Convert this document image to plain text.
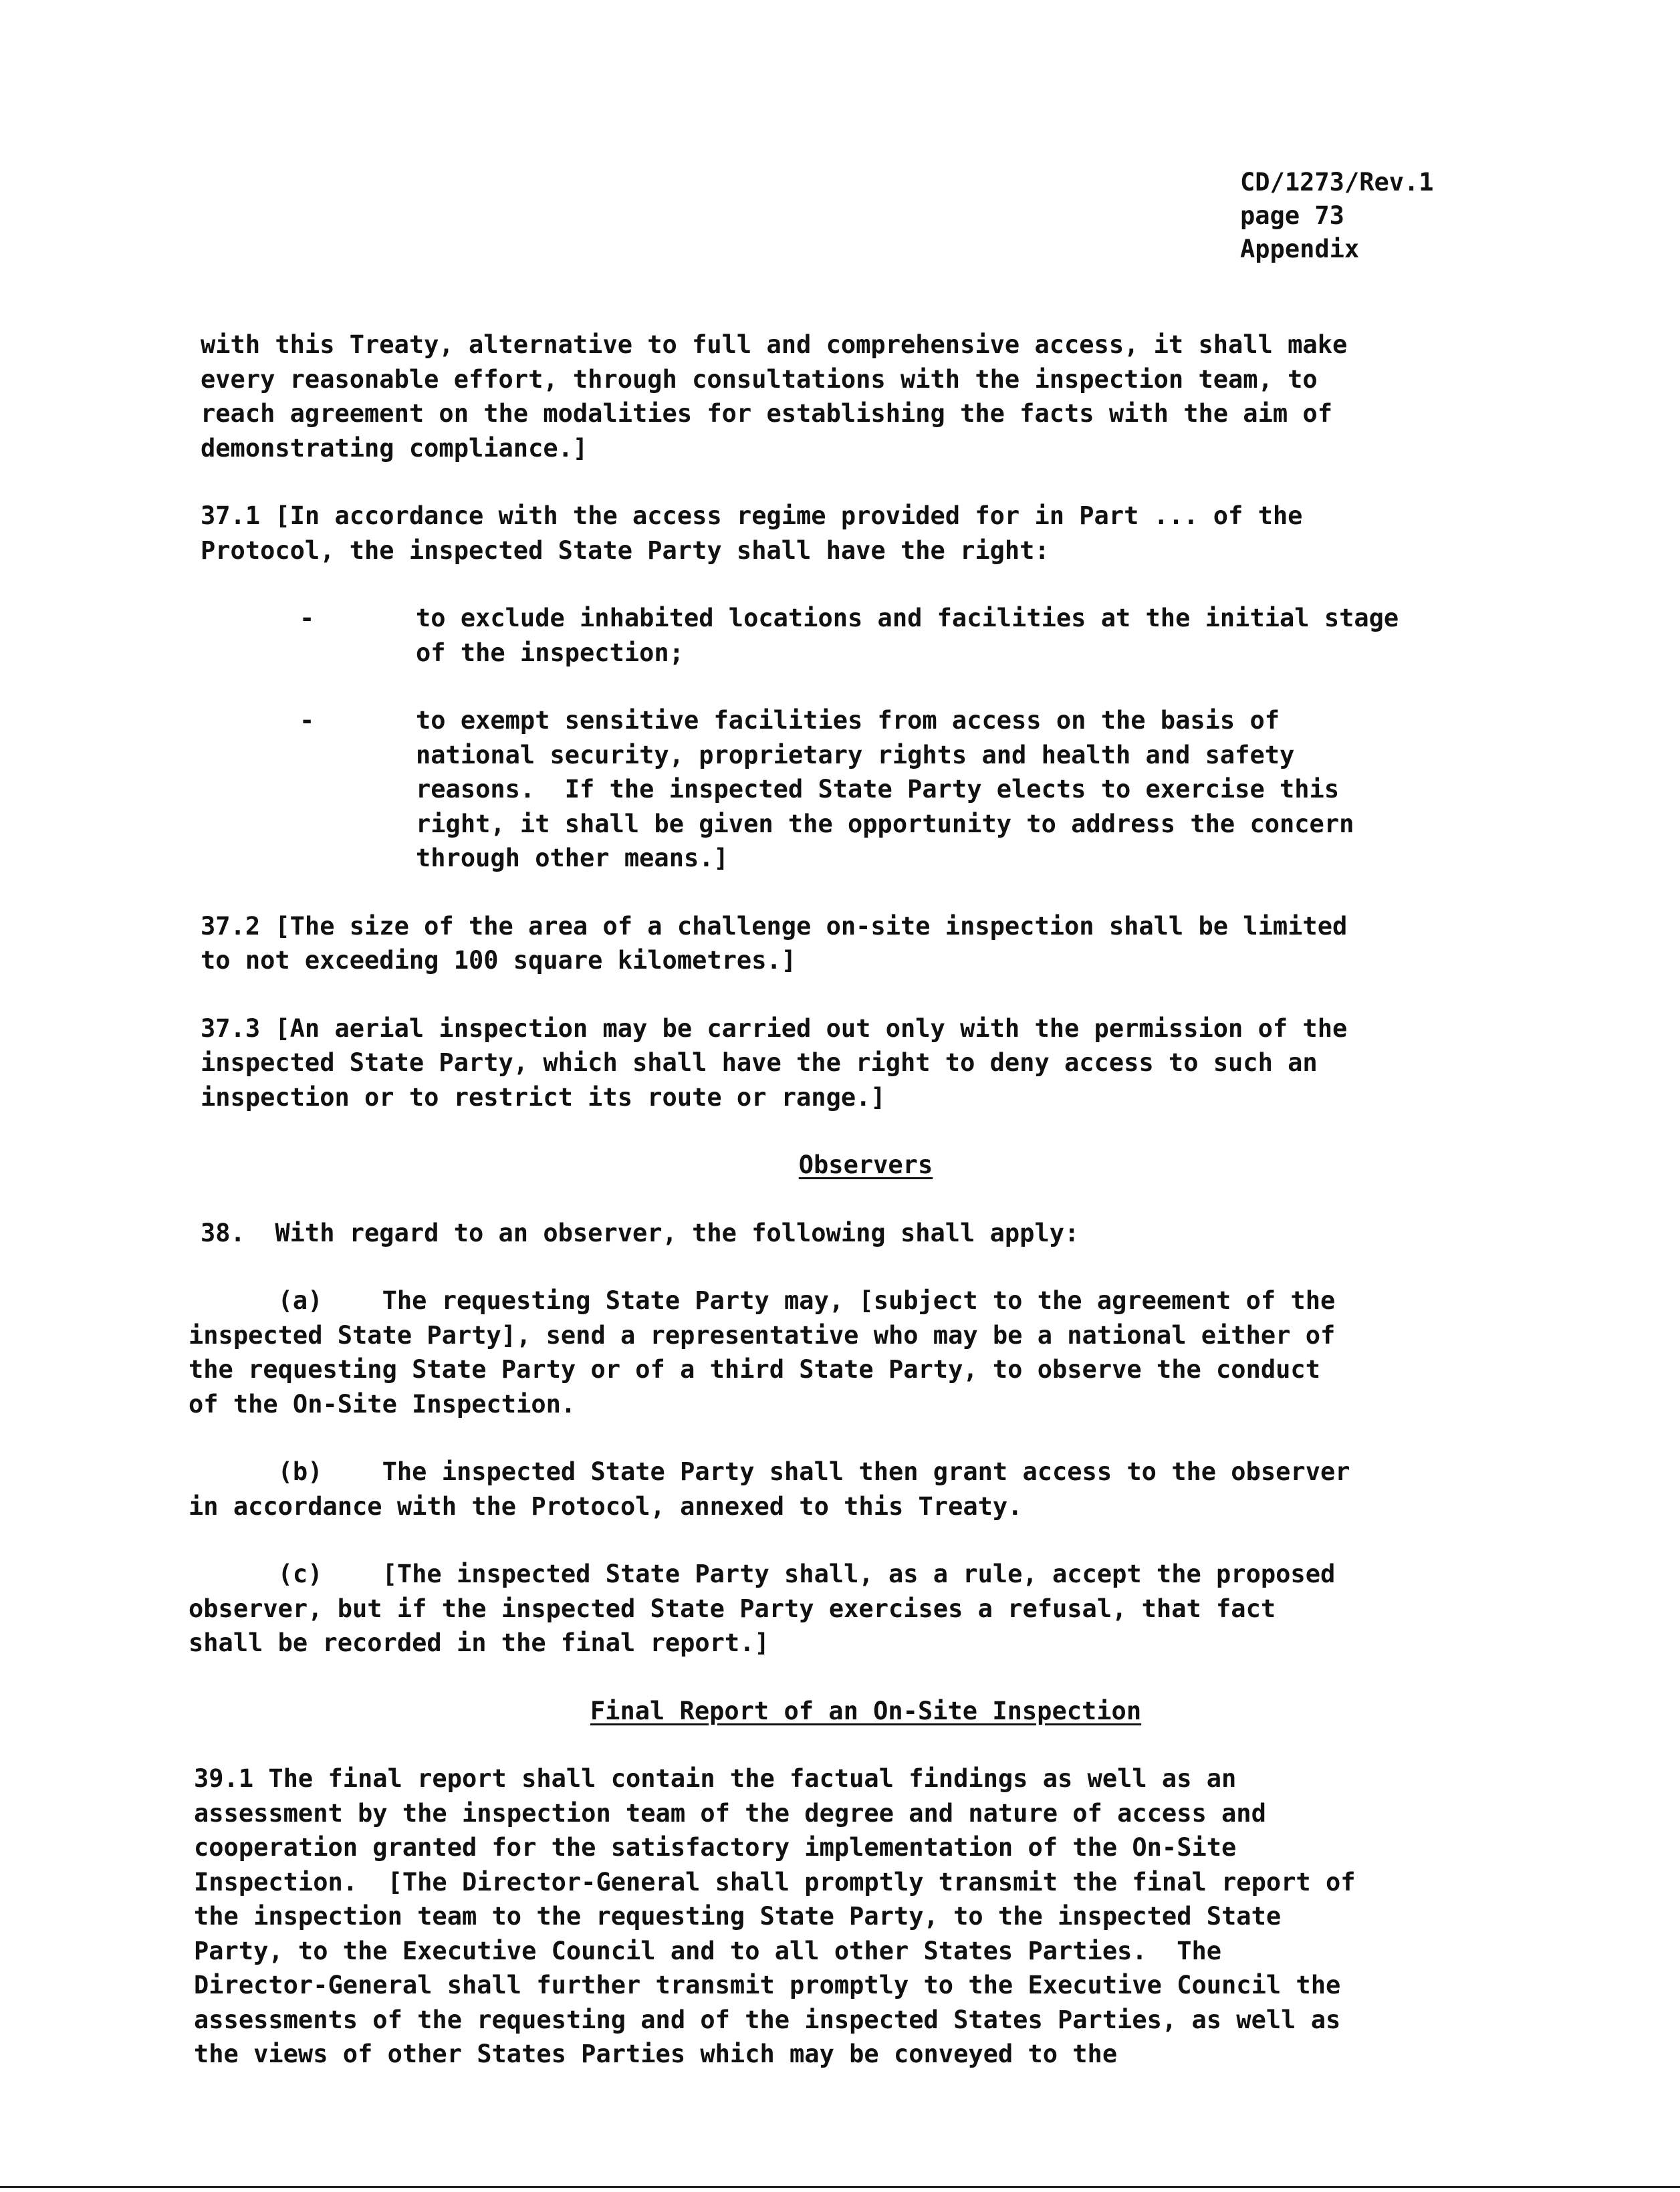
CD/1273/Rev.1
page 73
Appendix
with this Treaty, alternative to full and comprehensive access, it shall make
every reasonable effort, through consultations with the inspection team, to
reach agreement on the modalities for establishing the facts with the aim of
demonstrating compliance.]
37.1 [In accordance with the access regime provided for in Part ... of the
Protocol, the inspected State Party shall have the right:
-	to exclude inhabited locations and facilities at the initial stage
of the inspection;
-	to exempt sensitive facilities from access on the basis of
national security, proprietary rights and health and safety
reasons.  If the inspected State Party elects to exercise this
right, it shall be given the opportunity to address the concern
through other means.]
37.2 [The size of the area of a challenge on-site inspection shall be limited
to not exceeding 100 square kilometres.]
37.3 [An aerial inspection may be carried out only with the permission of the
inspected State Party, which shall have the right to deny access to such an
inspection or to restrict its route or range.]
Observers
38.  With regard to an observer, the following shall apply:
(a)    The requesting State Party may, [subject to the agreement of the
inspected State Party], send a representative who may be a national either of
the requesting State Party or of a third State Party, to observe the conduct
of the On-Site Inspection.
(b)    The inspected State Party shall then grant access to the observer
in accordance with the Protocol, annexed to this Treaty.
(c)    [The inspected State Party shall, as a rule, accept the proposed
observer, but if the inspected State Party exercises a refusal, that fact
shall be recorded in the final report.]
Final Report of an On-Site Inspection
39.1 The final report shall contain the factual findings as well as an
assessment by the inspection team of the degree and nature of access and
cooperation granted for the satisfactory implementation of the On-Site
Inspection.  [The Director-General shall promptly transmit the final report of
the inspection team to the requesting State Party, to the inspected State
Party, to the Executive Council and to all other States Parties.  The
Director-General shall further transmit promptly to the Executive Council the
assessments of the requesting and of the inspected States Parties, as well as
the views of other States Parties which may be conveyed to the
